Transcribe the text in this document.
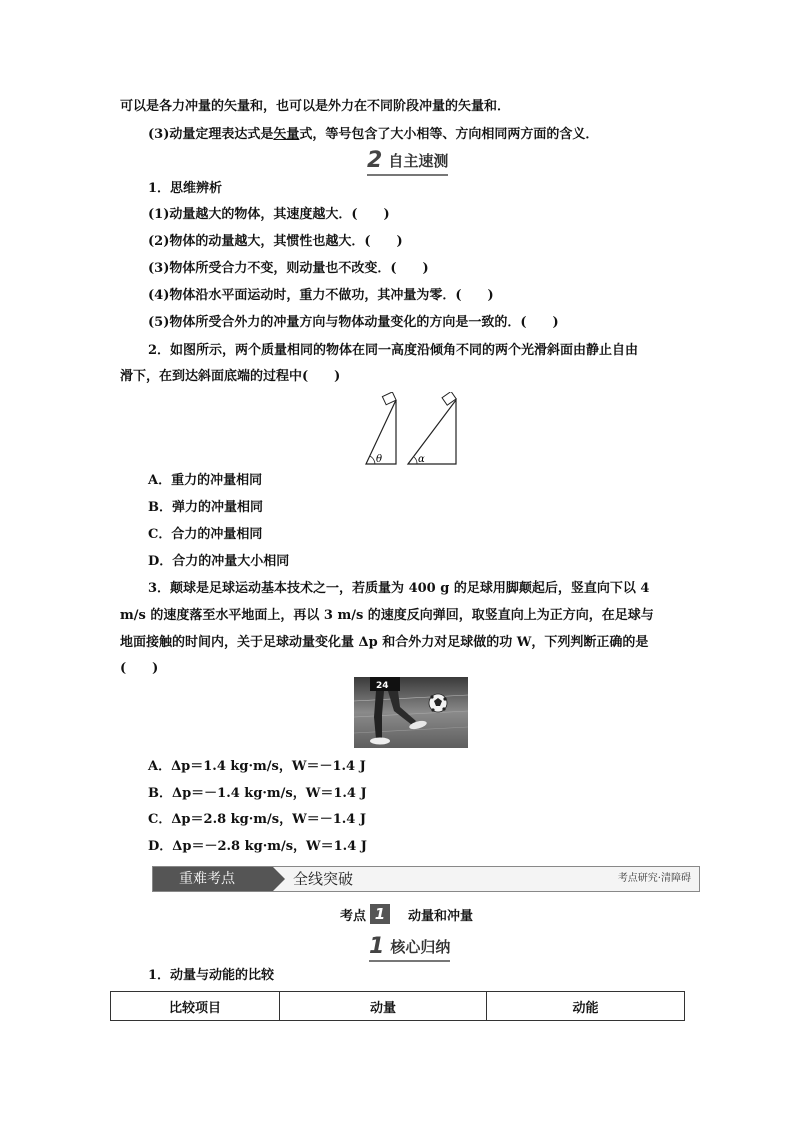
可以是各力冲量的矢量和，也可以是外力在不同阶段冲量的矢量和．
(3)动量定理表达式是矢量式，等号包含了大小相等、方向相同两方面的含义．
2 自主速测
1．思维辨析
(1)动量越大的物体，其速度越大．(　　)
(2)物体的动量越大，其惯性也越大．(　　)
(3)物体所受合力不变，则动量也不改变．(　　)
(4)物体沿水平面运动时，重力不做功，其冲量为零．(　　)
(5)物体所受合外力的冲量方向与物体动量变化的方向是一致的．(　　)
2．如图所示，两个质量相同的物体在同一高度沿倾角不同的两个光滑斜面由静止自由
滑下，在到达斜面底端的过程中(　　)
θ	α
A．重力的冲量相同
B．弹力的冲量相同
C．合力的冲量相同
D．合力的冲量大小相同
3．颠球是足球运动基本技术之一，若质量为 400 g 的足球用脚颠起后，竖直向下以 4
m/s 的速度落至水平地面上，再以 3 m/s 的速度反向弹回，取竖直向上为正方向，在足球与
地面接触的时间内，关于足球动量变化量 Δp 和合外力对足球做的功 W，下列判断正确的是
(　　)
24
A．Δp＝1.4 kg·m/s，W＝－1.4 J
B．Δp＝－1.4 kg·m/s，W＝1.4 J
C．Δp＝2.8 kg·m/s，W＝－1.4 J
D．Δp＝－2.8 kg·m/s，W＝1.4 J
重难考点	全线突破	考点研究·清障碍
考点 1	动量和冲量
1 核心归纳
1．动量与动能的比较
比较项目	动量	动能
